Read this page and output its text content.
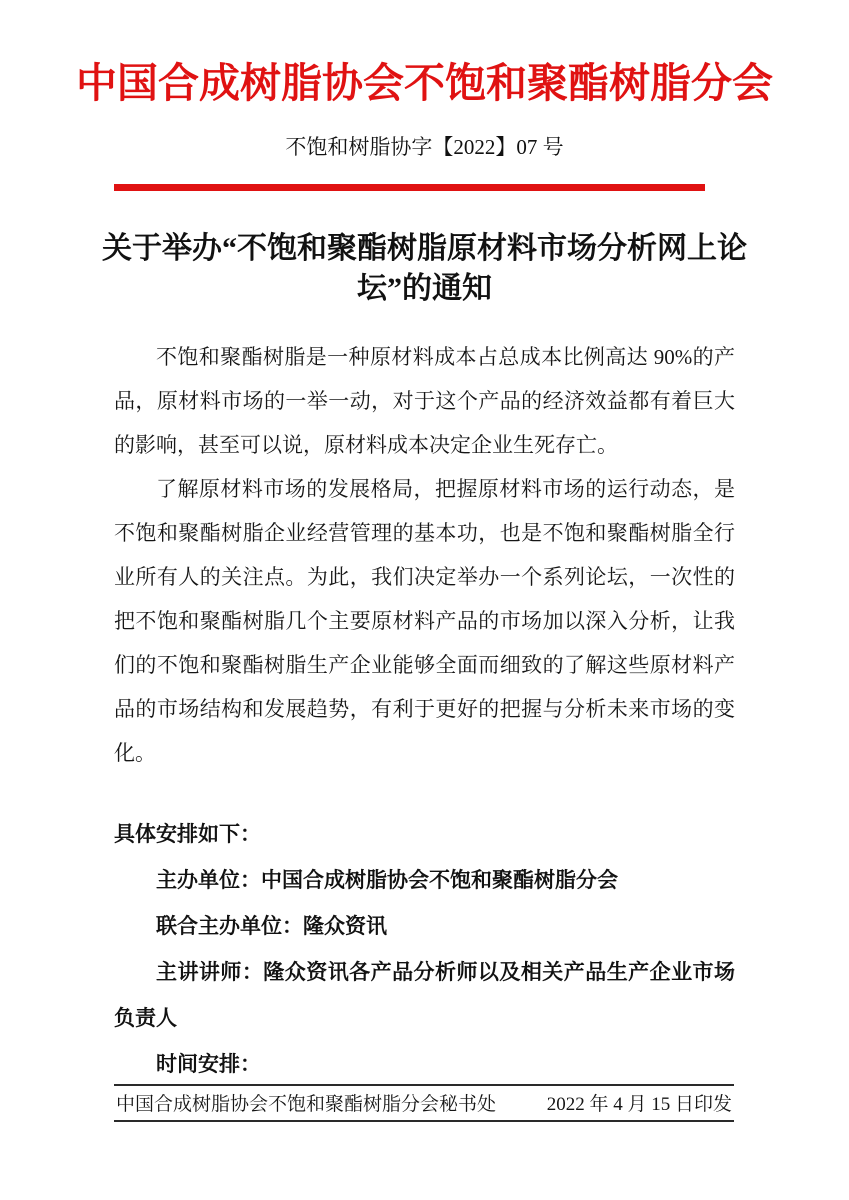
中国合成树脂协会不饱和聚酯树脂分会
不饱和树脂协字【2022】07 号
关于举办“不饱和聚酯树脂原材料市场分析网上论坛”的通知

不饱和聚酯树脂是一种原材料成本占总成本比例高达 90%的产品，原材料市场的一举一动，对于这个产品的经济效益都有着巨大的影响，甚至可以说，原材料成本决定企业生死存亡。

了解原材料市场的发展格局，把握原材料市场的运行动态，是不饱和聚酯树脂企业经营管理的基本功，也是不饱和聚酯树脂全行业所有人的关注点。为此，我们决定举办一个系列论坛，一次性的把不饱和聚酯树脂几个主要原材料产品的市场加以深入分析，让我们的不饱和聚酯树脂生产企业能够全面而细致的了解这些原材料产品的市场结构和发展趋势，有利于更好的把握与分析未来市场的变化。

具体安排如下：

主办单位：中国合成树脂协会不饱和聚酯树脂分会

联合主办单位：隆众资讯

主讲讲师：隆众资讯各产品分析师以及相关产品生产企业市场负责人

时间安排：

中国合成树脂协会不饱和聚酯树脂分会秘书处	2022 年 4 月 15 日印发
